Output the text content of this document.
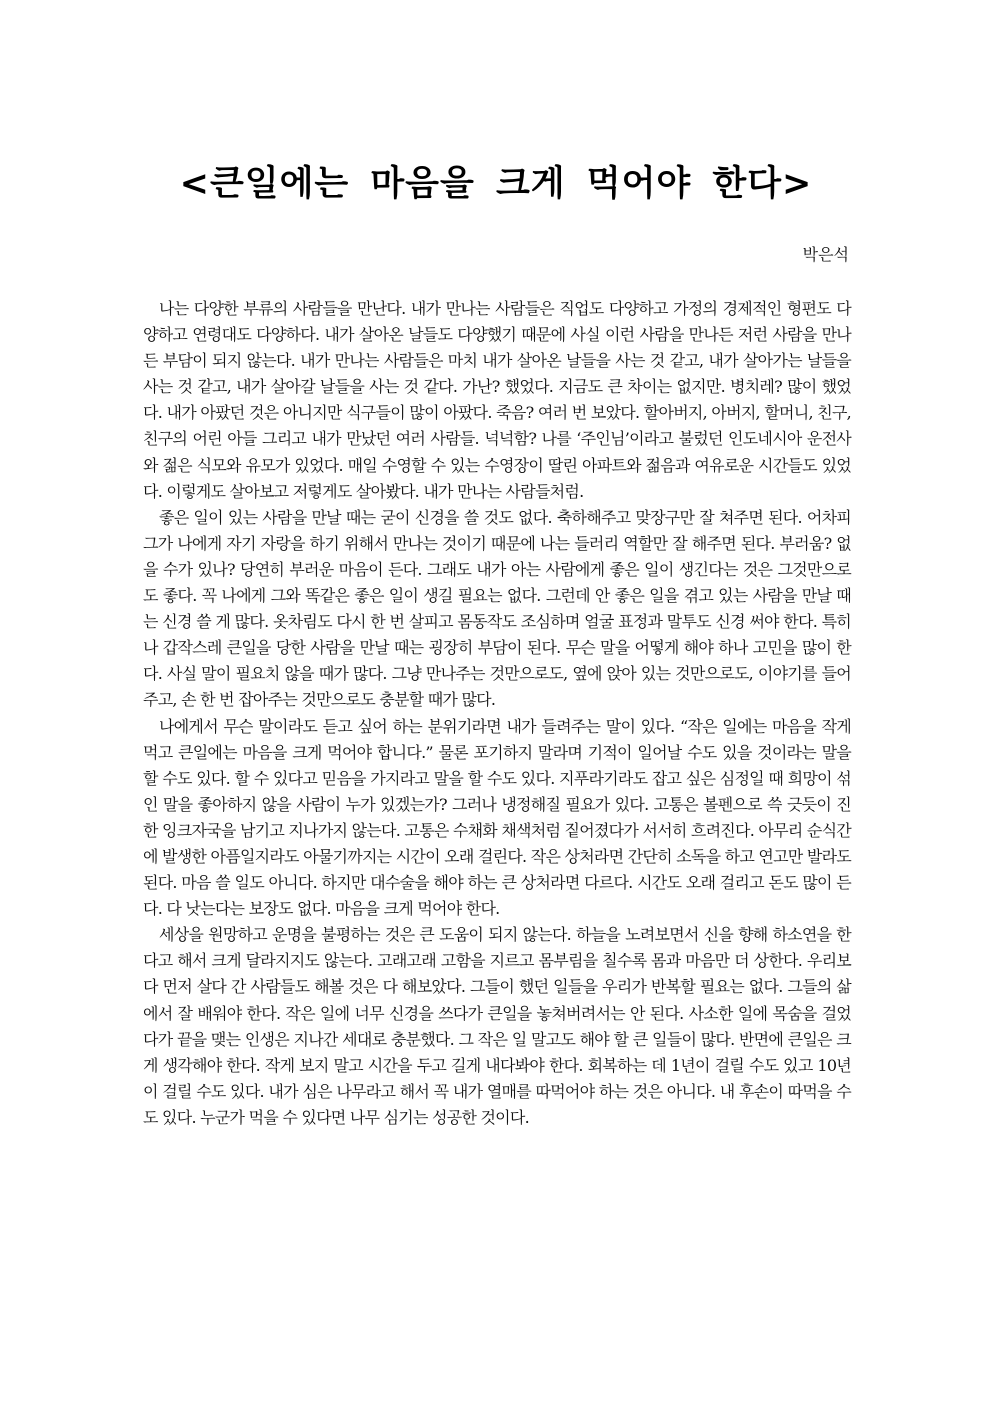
<큰일에는 마음을 크게 먹어야 한다>

박은석

나는 다양한 부류의 사람들을 만난다. 내가 만나는 사람들은 직업도 다양하고 가정의 경제적인 형편도 다양하고 연령대도 다양하다. 내가 살아온 날들도 다양했기 때문에 사실 이런 사람을 만나든 저런 사람을 만나든 부담이 되지 않는다. 내가 만나는 사람들은 마치 내가 살아온 날들을 사는 것 같고, 내가 살아가는 날들을 사는 것 같고, 내가 살아갈 날들을 사는 것 같다. 가난? 했었다. 지금도 큰 차이는 없지만. 병치레? 많이 했었다. 내가 아팠던 것은 아니지만 식구들이 많이 아팠다. 죽음? 여러 번 보았다. 할아버지, 아버지, 할머니, 친구, 친구의 어린 아들 그리고 내가 만났던 여러 사람들. 넉넉함? 나를 ‘주인님’이라고 불렀던 인도네시아 운전사와 젊은 식모와 유모가 있었다. 매일 수영할 수 있는 수영장이 딸린 아파트와 젊음과 여유로운 시간들도 있었다. 이렇게도 살아보고 저렇게도 살아봤다. 내가 만나는 사람들처럼.

좋은 일이 있는 사람을 만날 때는 굳이 신경을 쓸 것도 없다. 축하해주고 맞장구만 잘 쳐주면 된다. 어차피 그가 나에게 자기 자랑을 하기 위해서 만나는 것이기 때문에 나는 들러리 역할만 잘 해주면 된다. 부러움? 없을 수가 있나? 당연히 부러운 마음이 든다. 그래도 내가 아는 사람에게 좋은 일이 생긴다는 것은 그것만으로도 좋다. 꼭 나에게 그와 똑같은 좋은 일이 생길 필요는 없다. 그런데 안 좋은 일을 겪고 있는 사람을 만날 때는 신경 쓸 게 많다. 옷차림도 다시 한 번 살피고 몸동작도 조심하며 얼굴 표정과 말투도 신경 써야 한다. 특히나 갑작스레 큰일을 당한 사람을 만날 때는 굉장히 부담이 된다. 무슨 말을 어떻게 해야 하나 고민을 많이 한다. 사실 말이 필요치 않을 때가 많다. 그냥 만나주는 것만으로도, 옆에 앉아 있는 것만으로도, 이야기를 들어주고, 손 한 번 잡아주는 것만으로도 충분할 때가 많다.

나에게서 무슨 말이라도 듣고 싶어 하는 분위기라면 내가 들려주는 말이 있다. “작은 일에는 마음을 작게 먹고 큰일에는 마음을 크게 먹어야 합니다.” 물론 포기하지 말라며 기적이 일어날 수도 있을 것이라는 말을 할 수도 있다. 할 수 있다고 믿음을 가지라고 말을 할 수도 있다. 지푸라기라도 잡고 싶은 심정일 때 희망이 섞인 말을 좋아하지 않을 사람이 누가 있겠는가? 그러나 냉정해질 필요가 있다. 고통은 볼펜으로 쓱 긋듯이 진한 잉크자국을 남기고 지나가지 않는다. 고통은 수채화 채색처럼 짙어졌다가 서서히 흐려진다. 아무리 순식간에 발생한 아픔일지라도 아물기까지는 시간이 오래 걸린다. 작은 상처라면 간단히 소독을 하고 연고만 발라도 된다. 마음 쓸 일도 아니다. 하지만 대수술을 해야 하는 큰 상처라면 다르다. 시간도 오래 걸리고 돈도 많이 든다. 다 낫는다는 보장도 없다. 마음을 크게 먹어야 한다.

세상을 원망하고 운명을 불평하는 것은 큰 도움이 되지 않는다. 하늘을 노려보면서 신을 향해 하소연을 한다고 해서 크게 달라지지도 않는다. 고래고래 고함을 지르고 몸부림을 칠수록 몸과 마음만 더 상한다. 우리보다 먼저 살다 간 사람들도 해볼 것은 다 해보았다. 그들이 했던 일들을 우리가 반복할 필요는 없다. 그들의 삶에서 잘 배워야 한다. 작은 일에 너무 신경을 쓰다가 큰일을 놓쳐버려서는 안 된다. 사소한 일에 목숨을 걸었다가 끝을 맺는 인생은 지나간 세대로 충분했다. 그 작은 일 말고도 해야 할 큰 일들이 많다. 반면에 큰일은 크게 생각해야 한다. 작게 보지 말고 시간을 두고 길게 내다봐야 한다. 회복하는 데 1년이 걸릴 수도 있고 10년이 걸릴 수도 있다. 내가 심은 나무라고 해서 꼭 내가 열매를 따먹어야 하는 것은 아니다. 내 후손이 따먹을 수도 있다. 누군가 먹을 수 있다면 나무 심기는 성공한 것이다.
